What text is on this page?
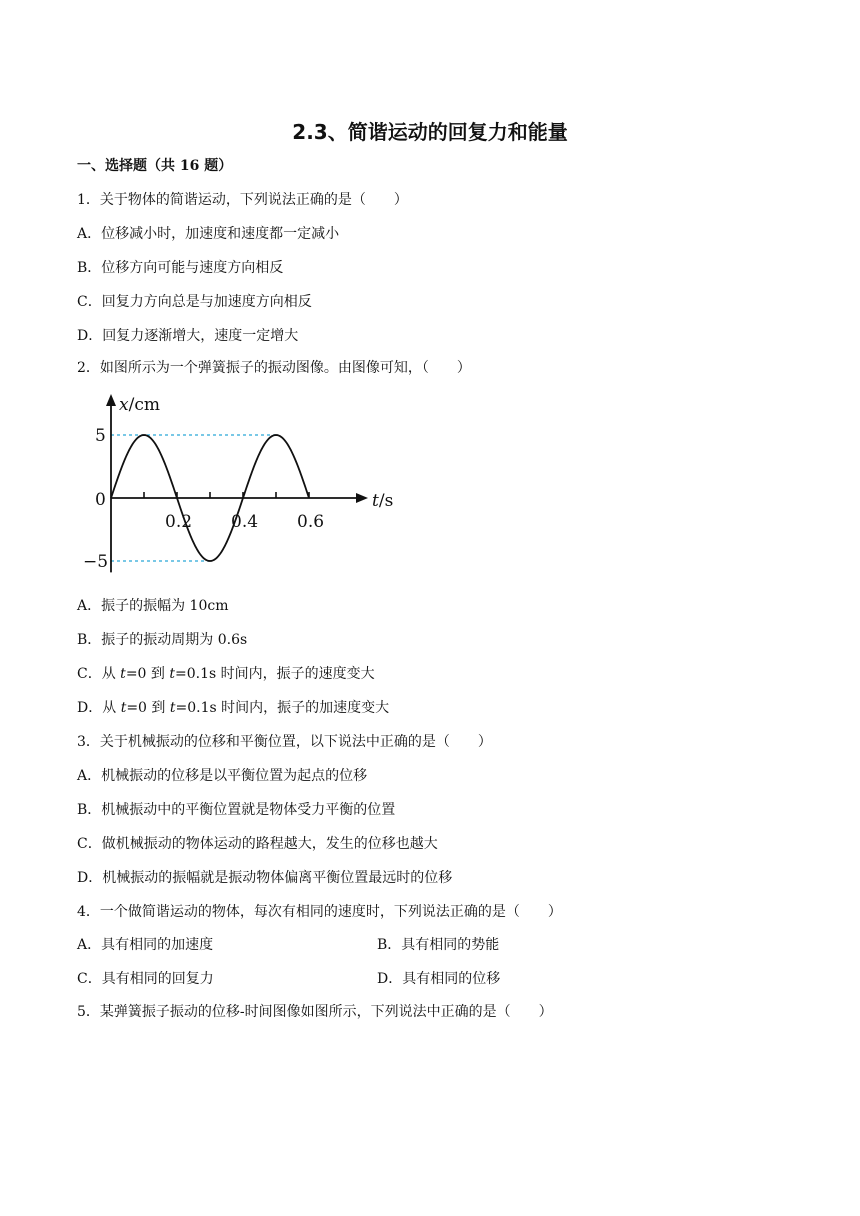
2.3、简谐运动的回复力和能量
一、选择题（共 16 题）
1．关于物体的简谐运动，下列说法正确的是（　　）
A．位移减小时，加速度和速度都一定减小
B．位移方向可能与速度方向相反
C．回复力方向总是与加速度方向相反
D．回复力逐渐增大，速度一定增大
2．如图所示为一个弹簧振子的振动图像。由图像可知，（　　）
x/cm
t/s
0
0.2 0.4 0.6
5
−5
A．振子的振幅为 10cm
B．振子的振动周期为 0.6s
C．从 t=0 到 t=0.1s 时间内，振子的速度变大
D．从 t=0 到 t=0.1s 时间内，振子的加速度变大
3．关于机械振动的位移和平衡位置，以下说法中正确的是（　　）
A．机械振动的位移是以平衡位置为起点的位移
B．机械振动中的平衡位置就是物体受力平衡的位置
C．做机械振动的物体运动的路程越大，发生的位移也越大
D．机械振动的振幅就是振动物体偏离平衡位置最远时的位移
4．一个做简谐运动的物体，每次有相同的速度时，下列说法正确的是（　　）
A．具有相同的加速度	B．具有相同的势能
C．具有相同的回复力	D．具有相同的位移
5．某弹簧振子振动的位移-时间图像如图所示，下列说法中正确的是（　　）
